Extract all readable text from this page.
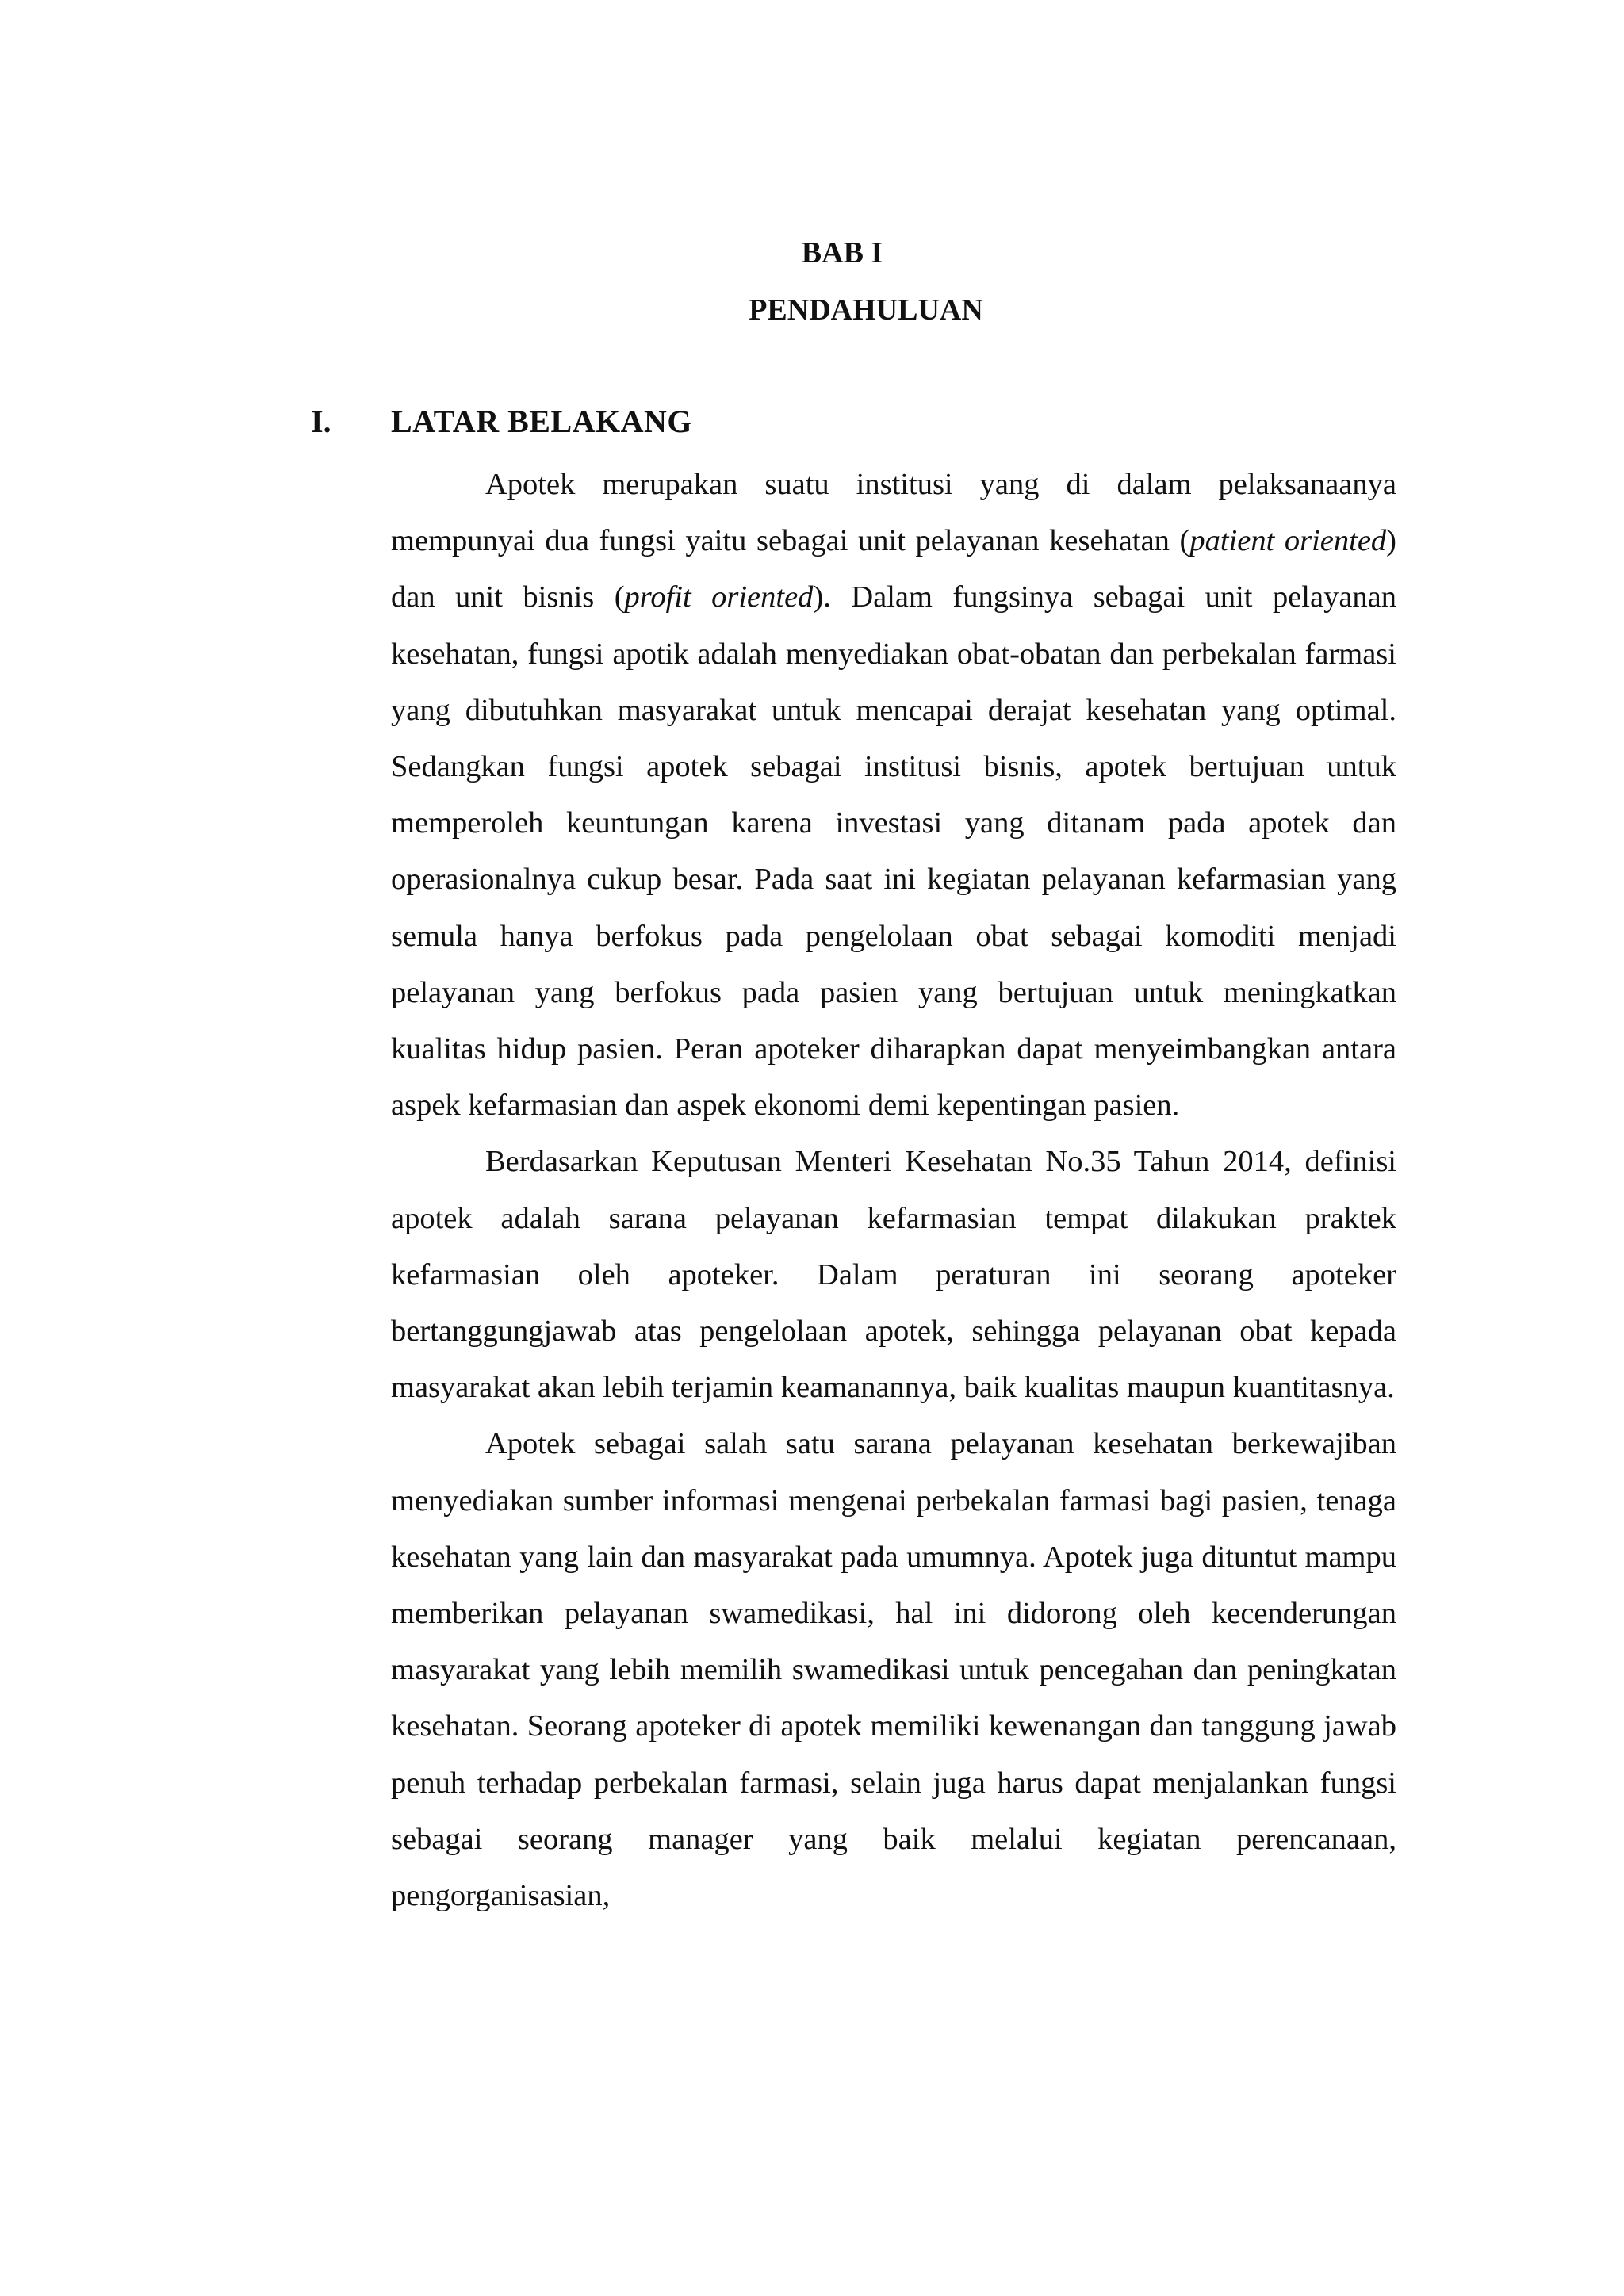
BAB I
PENDAHULUAN
I. LATAR BELAKANG

Apotek merupakan suatu institusi yang di dalam pelaksanaanya mempunyai dua fungsi yaitu sebagai unit pelayanan kesehatan (patient oriented) dan unit bisnis (profit oriented). Dalam fungsinya sebagai unit pelayanan kesehatan, fungsi apotik adalah menyediakan obat-obatan dan perbekalan farmasi yang dibutuhkan masyarakat untuk mencapai derajat kesehatan yang optimal. Sedangkan fungsi apotek sebagai institusi bisnis, apotek bertujuan untuk memperoleh keuntungan karena investasi yang ditanam pada apotek dan operasionalnya cukup besar. Pada saat ini kegiatan pelayanan kefarmasian yang semula hanya berfokus pada pengelolaan obat sebagai komoditi menjadi pelayanan yang berfokus pada pasien yang bertujuan untuk meningkatkan kualitas hidup pasien. Peran apoteker diharapkan dapat menyeimbangkan antara aspek kefarmasian dan aspek ekonomi demi kepentingan pasien.

Berdasarkan Keputusan Menteri Kesehatan No.35 Tahun 2014, definisi apotek adalah sarana pelayanan kefarmasian tempat dilakukan praktek kefarmasian oleh apoteker. Dalam peraturan ini seorang apoteker bertanggungjawab atas pengelolaan apotek, sehingga pelayanan obat kepada masyarakat akan lebih terjamin keamanannya, baik kualitas maupun kuantitasnya.

Apotek sebagai salah satu sarana pelayanan kesehatan berkewajiban menyediakan sumber informasi mengenai perbekalan farmasi bagi pasien, tenaga kesehatan yang lain dan masyarakat pada umumnya. Apotek juga dituntut mampu memberikan pelayanan swamedikasi, hal ini didorong oleh kecenderungan masyarakat yang lebih memilih swamedikasi untuk pencegahan dan peningkatan kesehatan. Seorang apoteker di apotek memiliki kewenangan dan tanggung jawab penuh terhadap perbekalan farmasi, selain juga harus dapat menjalankan fungsi sebagai seorang manager yang baik melalui kegiatan perencanaan, pengorganisasian,
